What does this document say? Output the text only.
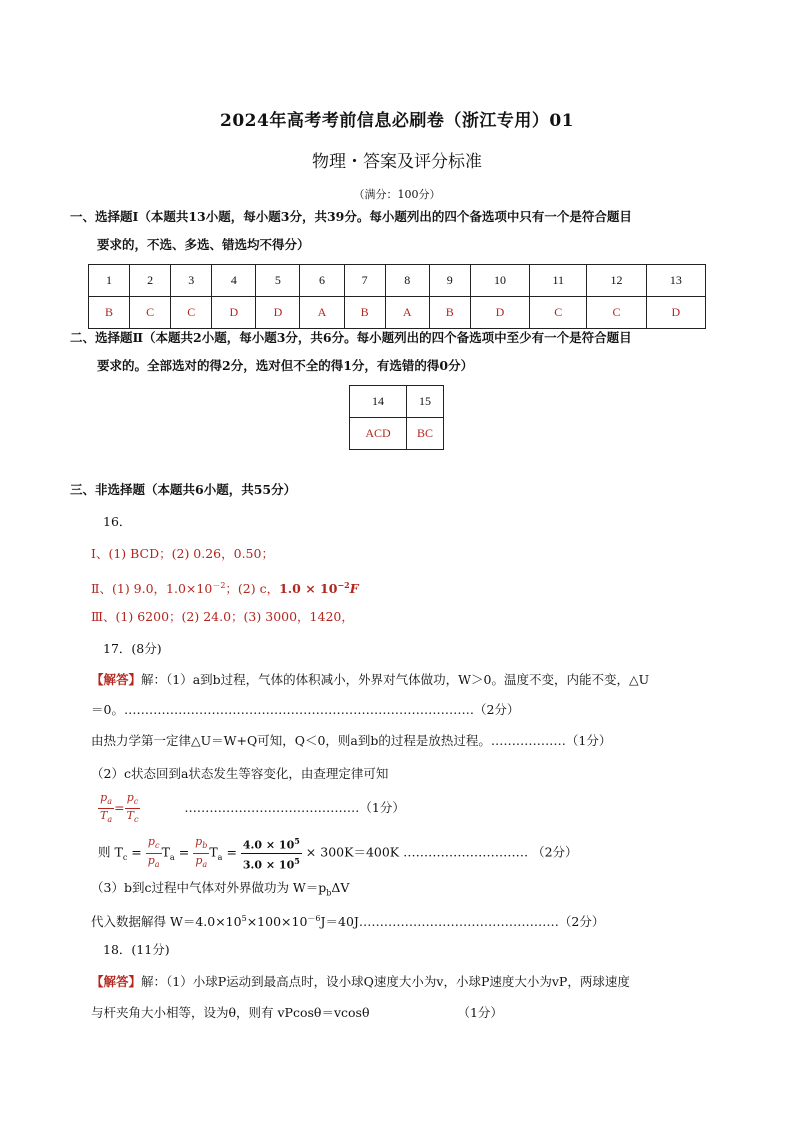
2024年高考考前信息必刷卷（浙江专用）01
物理・答案及评分标准
（满分：100分）
一、选择题Ⅰ（本题共13小题，每小题3分，共39分。每小题列出的四个备选项中只有一个是符合题目
要求的，不选、多选、错选均不得分）
1	2	3	4	5	6	7	8	9	10	11	12	13
B	C	C	D	D	A	B	A	B	D	C	C	D
二、选择题Ⅱ（本题共2小题，每小题3分，共6分。每小题列出的四个备选项中至少有一个是符合题目
要求的。全部选对的得2分，选对但不全的得1分，有选错的得0分）
14	15
ACD	BC
三、非选择题（本题共6小题，共55分）
16．
Ⅰ、(1) BCD；(2) 0.26，0.50；
Ⅱ、(1) 9.0，$1.0\times 10^{-2}$；(2) c，$1.0 \times 10^{-2}F$
Ⅲ、(1) 6200；(2) 24.0；(3) 3000，1420，
17．(8分)
【解答】解：（1）a到b过程，气体的体积减小，外界对气体做功，W＞0。温度不变，内能不变，△U
＝0。…………………………………………………………………………（2分）
由热力学第一定律△U＝W+Q可知，Q＜0，则a到b的过程是放热过程。………………（1分）
（2）c状态回到a状态发生等容变化，由查理定律可知
$\frac{p_a}{T_a} = \frac{p_c}{T_c}$	……………………………………（1分）
则 $T_c = \frac{p_c}{p_a} T_a = \frac{p_b}{p_a} T_a = \frac{4.0 \times 10^5}{3.0 \times 10^5} \times 300K=400K$ ………………………… （2分）
（3）b到c过程中气体对外界做功为 $W=p_b\Delta V$
代入数据解得 $W=4.0\times 10^5\times 100\times 10^{-6}J=40J\dots\dots\dots\dots\dots\dots\dots\dots\dots\dots\dots\dots\dots\dots\dots\dots(2$分）
18．(11分)
【解答】解：（1）小球P运动到最高点时，设小球Q速度大小为v，小球P速度大小为vP，两球速度
与杆夹角大小相等，设为θ，则有 vPcosθ＝vcosθ	（1分）
